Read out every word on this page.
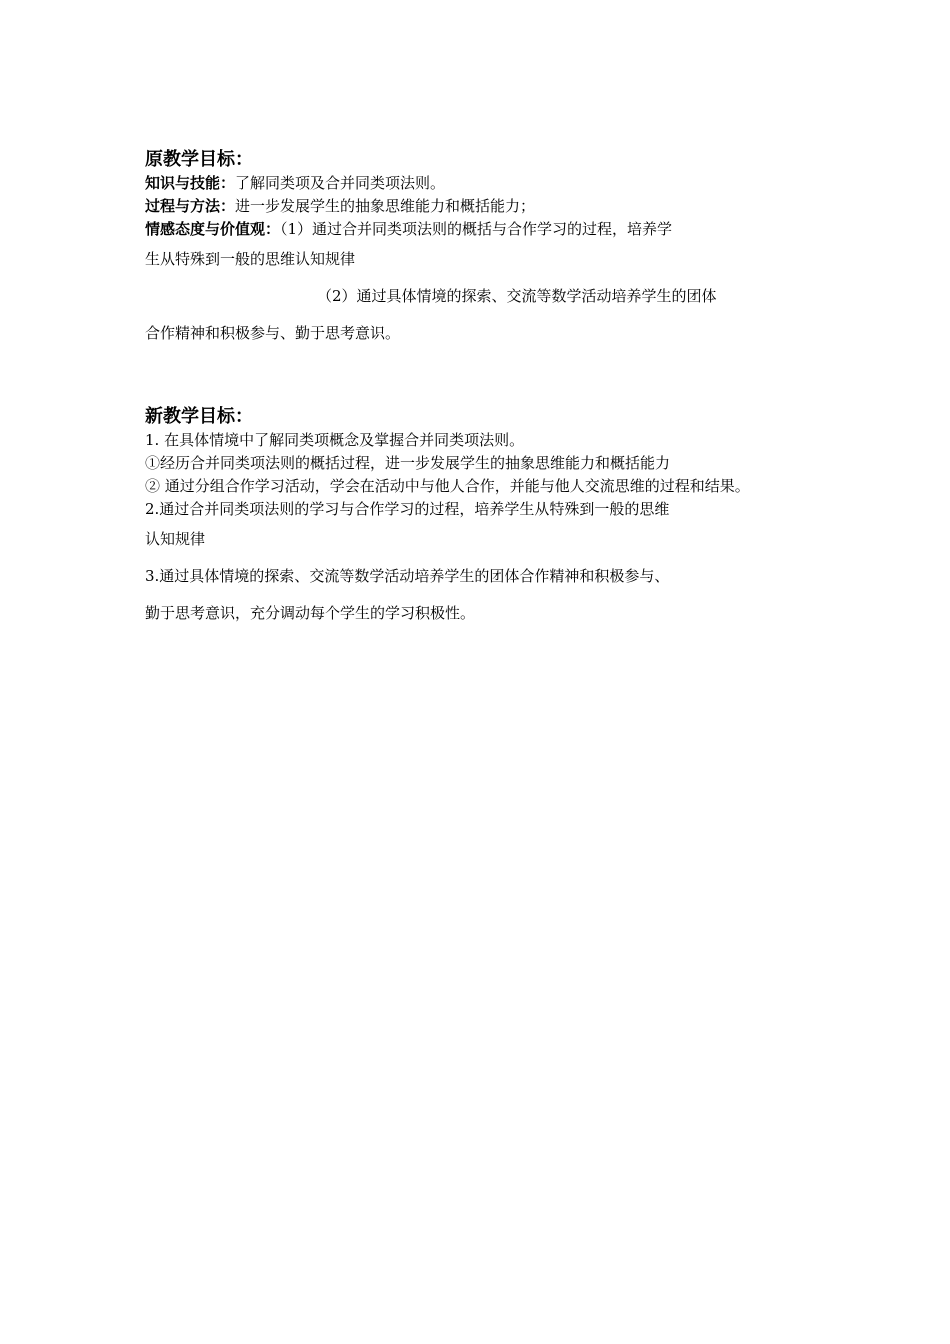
原教学目标：

知识与技能：了解同类项及合并同类项法则。

过程与方法：进一步发展学生的抽象思维能力和概括能力；

情感态度与价值观：（1）通过合并同类项法则的概括与合作学习的过程，培养学

生从特殊到一般的思维认知规律

（2）通过具体情境的探索、交流等数学活动培养学生的团体

合作精神和积极参与、勤于思考意识。

新教学目标：

1. 在具体情境中了解同类项概念及掌握合并同类项法则。

①经历合并同类项法则的概括过程，进一步发展学生的抽象思维能力和概括能力

② 通过分组合作学习活动，学会在活动中与他人合作，并能与他人交流思维的过程和结果。

2.通过合并同类项法则的学习与合作学习的过程，培养学生从特殊到一般的思维

认知规律

3.通过具体情境的探索、交流等数学活动培养学生的团体合作精神和积极参与、

勤于思考意识，充分调动每个学生的学习积极性。
